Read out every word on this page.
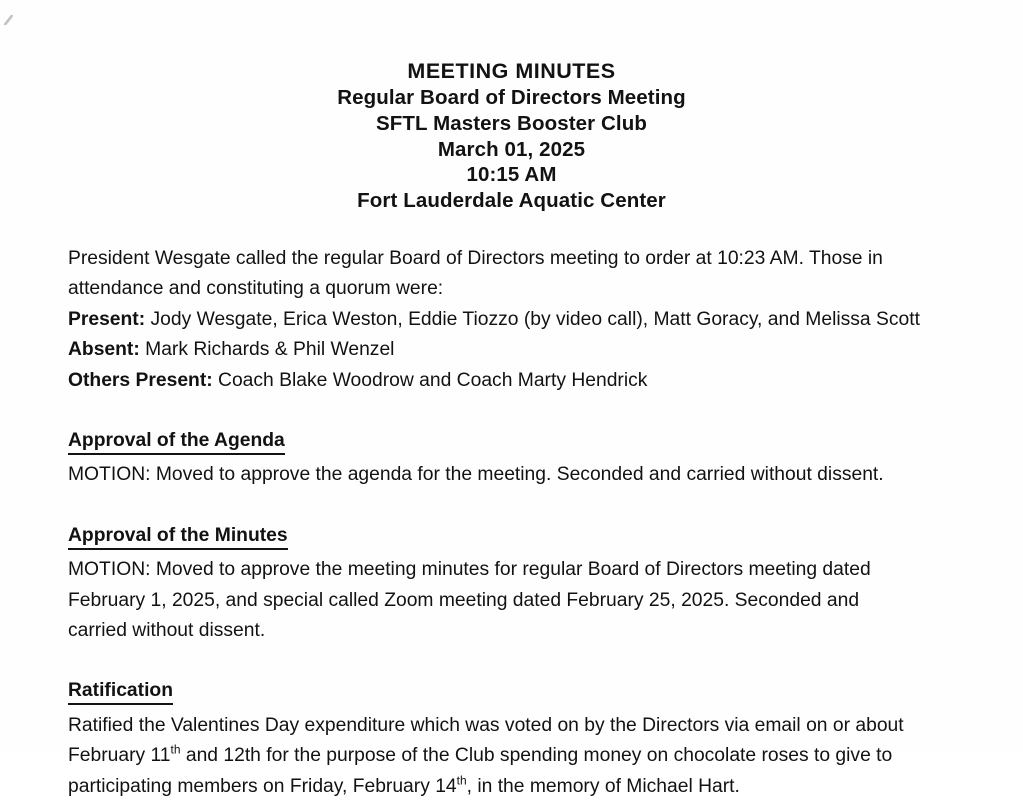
MEETING MINUTES
Regular Board of Directors Meeting
SFTL Masters Booster Club
March 01, 2025
10:15 AM
Fort Lauderdale Aquatic Center

President Wesgate called the regular Board of Directors meeting to order at 10:23 AM. Those in attendance and constituting a quorum were:

Present: Jody Wesgate, Erica Weston, Eddie Tiozzo (by video call), Matt Goracy, and Melissa Scott

Absent: Mark Richards & Phil Wenzel

Others Present: Coach Blake Woodrow and Coach Marty Hendrick

Approval of the Agenda

MOTION: Moved to approve the agenda for the meeting. Seconded and carried without dissent.

Approval of the Minutes

MOTION: Moved to approve the meeting minutes for regular Board of Directors meeting dated February 1, 2025, and special called Zoom meeting dated February 25, 2025. Seconded and carried without dissent.

Ratification

Ratified the Valentines Day expenditure which was voted on by the Directors via email on or about February 11th and 12th for the purpose of the Club spending money on chocolate roses to give to participating members on Friday, February 14th, in the memory of Michael Hart.
